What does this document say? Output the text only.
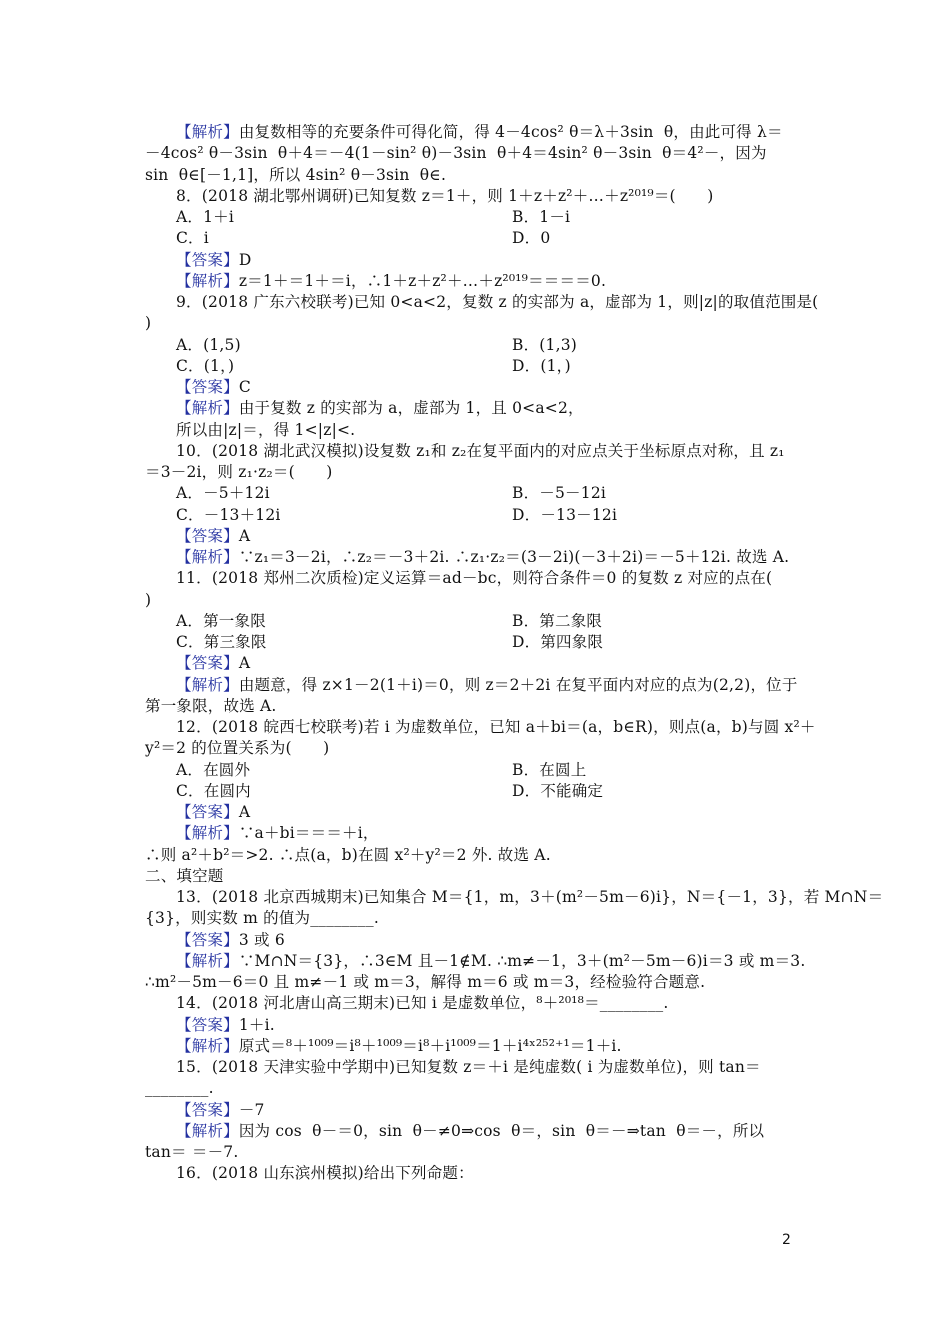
【解析】由复数相等的充要条件可得化简，得 4－4cos² θ＝λ＋3sin  θ，由此可得 λ＝
－4cos² θ－3sin  θ＋4＝－4(1－sin² θ)－3sin  θ＋4＝4sin² θ－3sin  θ＝4²－，因为
sin  θ∈[－1,1]，所以 4sin² θ－3sin  θ∈.
8．(2018 湖北鄂州调研)已知复数 z＝1＋，则 1＋z＋z²＋…＋z²⁰¹⁹＝(　　)
A．1＋i	B．1－i
C．i	D．0
【答案】D
【解析】z＝1＋＝1＋＝i，∴1＋z＋z²＋…＋z²⁰¹⁹＝＝＝＝0.
9．(2018 广东六校联考)已知 0<a<2，复数 z 的实部为 a，虚部为 1，则|z|的取值范围是(
)
A．(1,5)	B．(1,3)
C．(1，)	D．(1，)
【答案】C
【解析】由于复数 z 的实部为 a，虚部为 1，且 0<a<2，
所以由|z|＝，得 1<|z|<.
10．(2018 湖北武汉模拟)设复数 z₁和 z₂在复平面内的对应点关于坐标原点对称，且 z₁
＝3－2i，则 z₁·z₂＝(　　)
A．－5＋12i	B．－5－12i
C．－13＋12i	D．－13－12i
【答案】A
【解析】∵z₁＝3－2i，∴z₂＝－3＋2i. ∴z₁·z₂＝(3－2i)(－3＋2i)＝－5＋12i. 故选 A.
11．(2018 郑州二次质检)定义运算＝ad－bc，则符合条件＝0 的复数 z 对应的点在(
)
A．第一象限	B．第二象限
C．第三象限	D．第四象限
【答案】A
【解析】由题意，得 z×1－2(1＋i)＝0，则 z＝2＋2i 在复平面内对应的点为(2,2)，位于
第一象限，故选 A.
12．(2018 皖西七校联考)若 i 为虚数单位，已知 a＋bi＝(a，b∈R)，则点(a，b)与圆 x²＋
y²＝2 的位置关系为(　　)
A．在圆外	B．在圆上
C．在圆内	D．不能确定
【答案】A
【解析】∵a＋bi＝＝＝＋i，
∴则 a²＋b²＝>2. ∴点(a，b)在圆 x²＋y²＝2 外. 故选 A.
二、填空题
13．(2018 北京西城期末)已知集合 M＝{1，m，3＋(m²－5m－6)i}，N＝{－1，3}，若 M∩N＝
{3}，则实数 m 的值为________.
【答案】3 或 6
【解析】∵M∩N＝{3}，∴3∈M 且－1∉M. ∴m≠－1，3＋(m²－5m－6)i＝3 或 m＝3.
∴m²－5m－6＝0 且 m≠－1 或 m＝3，解得 m＝6 或 m＝3，经检验符合题意.
14．(2018 河北唐山高三期末)已知 i 是虚数单位，⁸＋²⁰¹⁸＝________.
【答案】1＋i.
【解析】原式＝⁸＋¹⁰⁰⁹＝i⁸＋¹⁰⁰⁹＝i⁸＋i¹⁰⁰⁹＝1＋i⁴ˣ²⁵²⁺¹＝1＋i.
15．(2018 天津实验中学期中)已知复数 z＝＋i 是纯虚数( i 为虚数单位)，则 tan＝
________.
【答案】－7
【解析】因为 cos  θ－＝0，sin  θ－≠0⇒cos  θ＝，sin  θ＝－⇒tan  θ＝－，所以
tan＝ ＝－7.
16．(2018 山东滨州模拟)给出下列命题：
2
